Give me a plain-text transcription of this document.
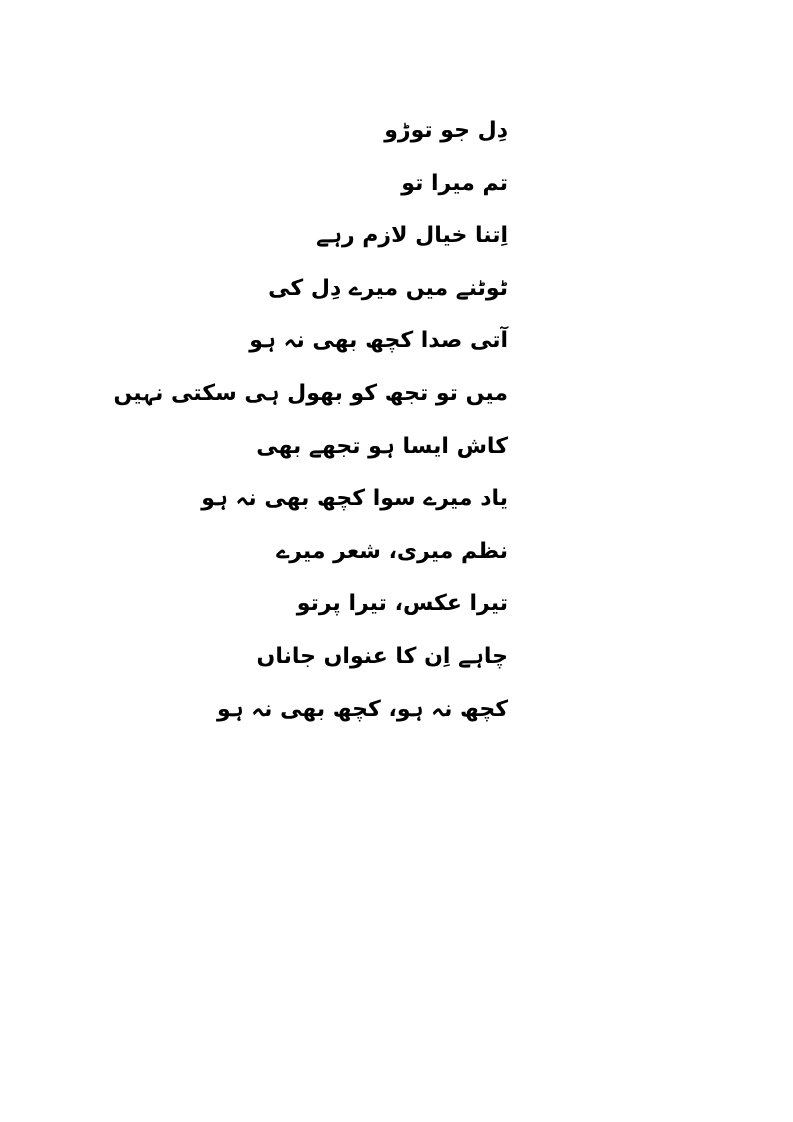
دِل جو توڑو
تم میرا تو
اِتنا خیال لازم رہے
ٹوٹنے میں میرے دِل کی
آتی صدا کچھ بھی نہ ہو
میں تو تجھ کو بھول ہی سکتی نہیں
کاش ایسا ہو تجھے بھی
یاد میرے سوا کچھ بھی نہ ہو
نظم میری، شعر میرے
تیرا عکس، تیرا پرتو
چاہے اِن کا عنواں جاناں
کچھ نہ ہو، کچھ بھی نہ ہو
